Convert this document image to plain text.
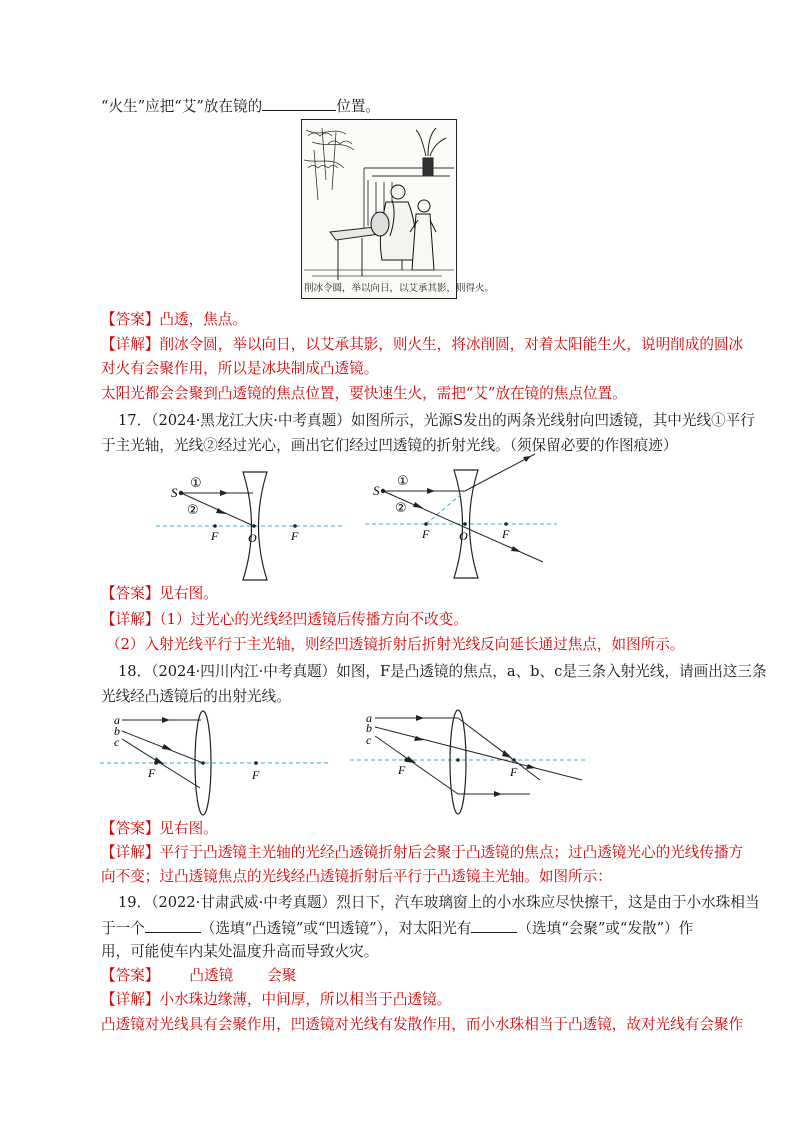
“火生”应把“艾”放在镜的	位置。
削冰令圆，举以向日，以艾承其影，则得火。
【答案】凸透，焦点。
【详解】削冰令圆，举以向日，以艾承其影，则火生，将冰削圆，对着太阳能生火，说明削成的圆冰
对火有会聚作用，所以是冰块制成凸透镜。
太阳光都会会聚到凸透镜的焦点位置，要快速生火，需把“艾”放在镜的焦点位置。
17．（2024·黑龙江大庆·中考真题）如图所示，光源S发出的两条光线射向凹透镜，其中光线①平行
于主光轴，光线②经过光心，画出它们经过凹透镜的折射光线。（须保留必要的作图痕迹）
S
①
②
F O	F
S
①
②
F O	F
【答案】见右图。
【详解】（1）过光心的光线经凹透镜后传播方向不改变。
（2）入射光线平行于主光轴，则经凹透镜折射后折射光线反向延长通过焦点，如图所示。
18．（2024·四川内江·中考真题）如图，F是凸透镜的焦点，a、b、c是三条入射光线，请画出这三条
光线经凸透镜后的出射光线。
a
b
c
F	F
a
b
c
F	F
【答案】见右图。
【详解】平行于凸透镜主光轴的光经凸透镜折射后会聚于凸透镜的焦点；过凸透镜光心的光线传播方
向不变；过凸透镜焦点的光线经凸透镜折射后平行于凸透镜主光轴。如图所示：
19．（2022·甘肃武威·中考真题）烈日下，汽车玻璃窗上的小水珠应尽快擦干，这是由于小水珠相当
于一个	（选填“凸透镜”或“凹透镜”），对太阳光有	（选填“会聚”或“发散”）作
用，可能使车内某处温度升高而导致火灾。
【答案】 凸透镜 会聚
【详解】小水珠边缘薄，中间厚，所以相当于凸透镜。
凸透镜对光线具有会聚作用，凹透镜对光线有发散作用，而小水珠相当于凸透镜，故对光线有会聚作
